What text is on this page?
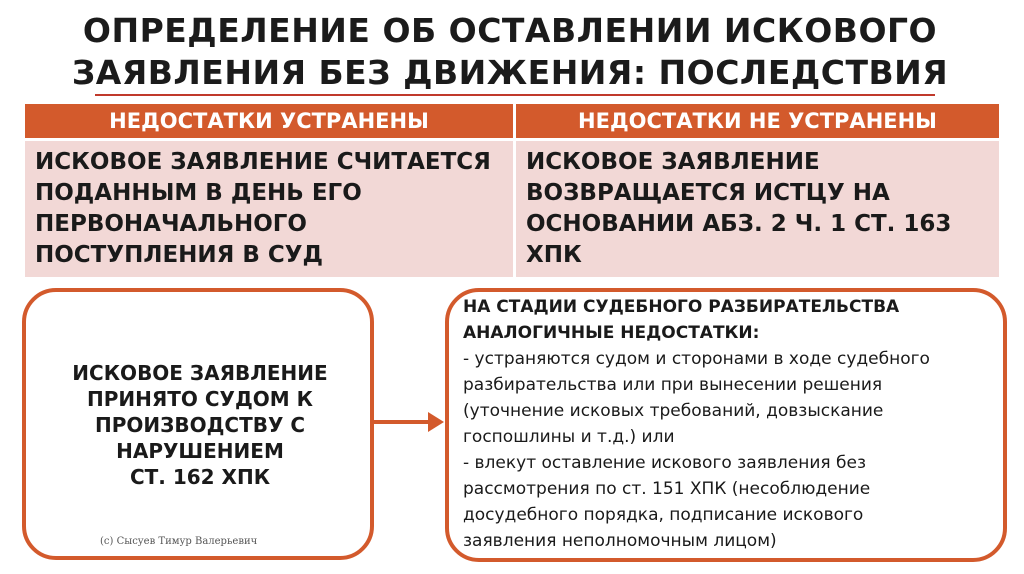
ОПРЕДЕЛЕНИЕ ОБ ОСТАВЛЕНИИ ИСКОВОГО
ЗАЯВЛЕНИЯ БЕЗ ДВИЖЕНИЯ: ПОСЛЕДСТВИЯ
НЕДОСТАТКИ УСТРАНЕНЫ	НЕДОСТАТКИ НЕ УСТРАНЕНЫ
ИСКОВОЕ ЗАЯВЛЕНИЕ СЧИТАЕТСЯ ПОДАННЫМ В ДЕНЬ ЕГО ПЕРВОНАЧАЛЬНОГО ПОСТУПЛЕНИЯ В СУД	ИСКОВОЕ ЗАЯВЛЕНИЕ ВОЗВРАЩАЕТСЯ ИСТЦУ НА ОСНОВАНИИ АБЗ. 2 Ч. 1 СТ. 163 ХПК
ИСКОВОЕ ЗАЯВЛЕНИЕ
ПРИНЯТО СУДОМ К
ПРОИЗВОДСТВУ С
НАРУШЕНИЕМ
СТ. 162 ХПК
(с) Сысуев Тимур Валерьевич
НА СТАДИИ СУДЕБНОГО РАЗБИРАТЕЛЬСТВА
АНАЛОГИЧНЫЕ НЕДОСТАТКИ:
- устраняются судом и сторонами в ходе судебного
разбирательства или при вынесении решения
(уточнение исковых требований, довзыскание
госпошлины и т.д.) или
- влекут оставление искового заявления без
рассмотрения по ст. 151 ХПК (несоблюдение
досудебного порядка, подписание искового
заявления неполномочным лицом)
